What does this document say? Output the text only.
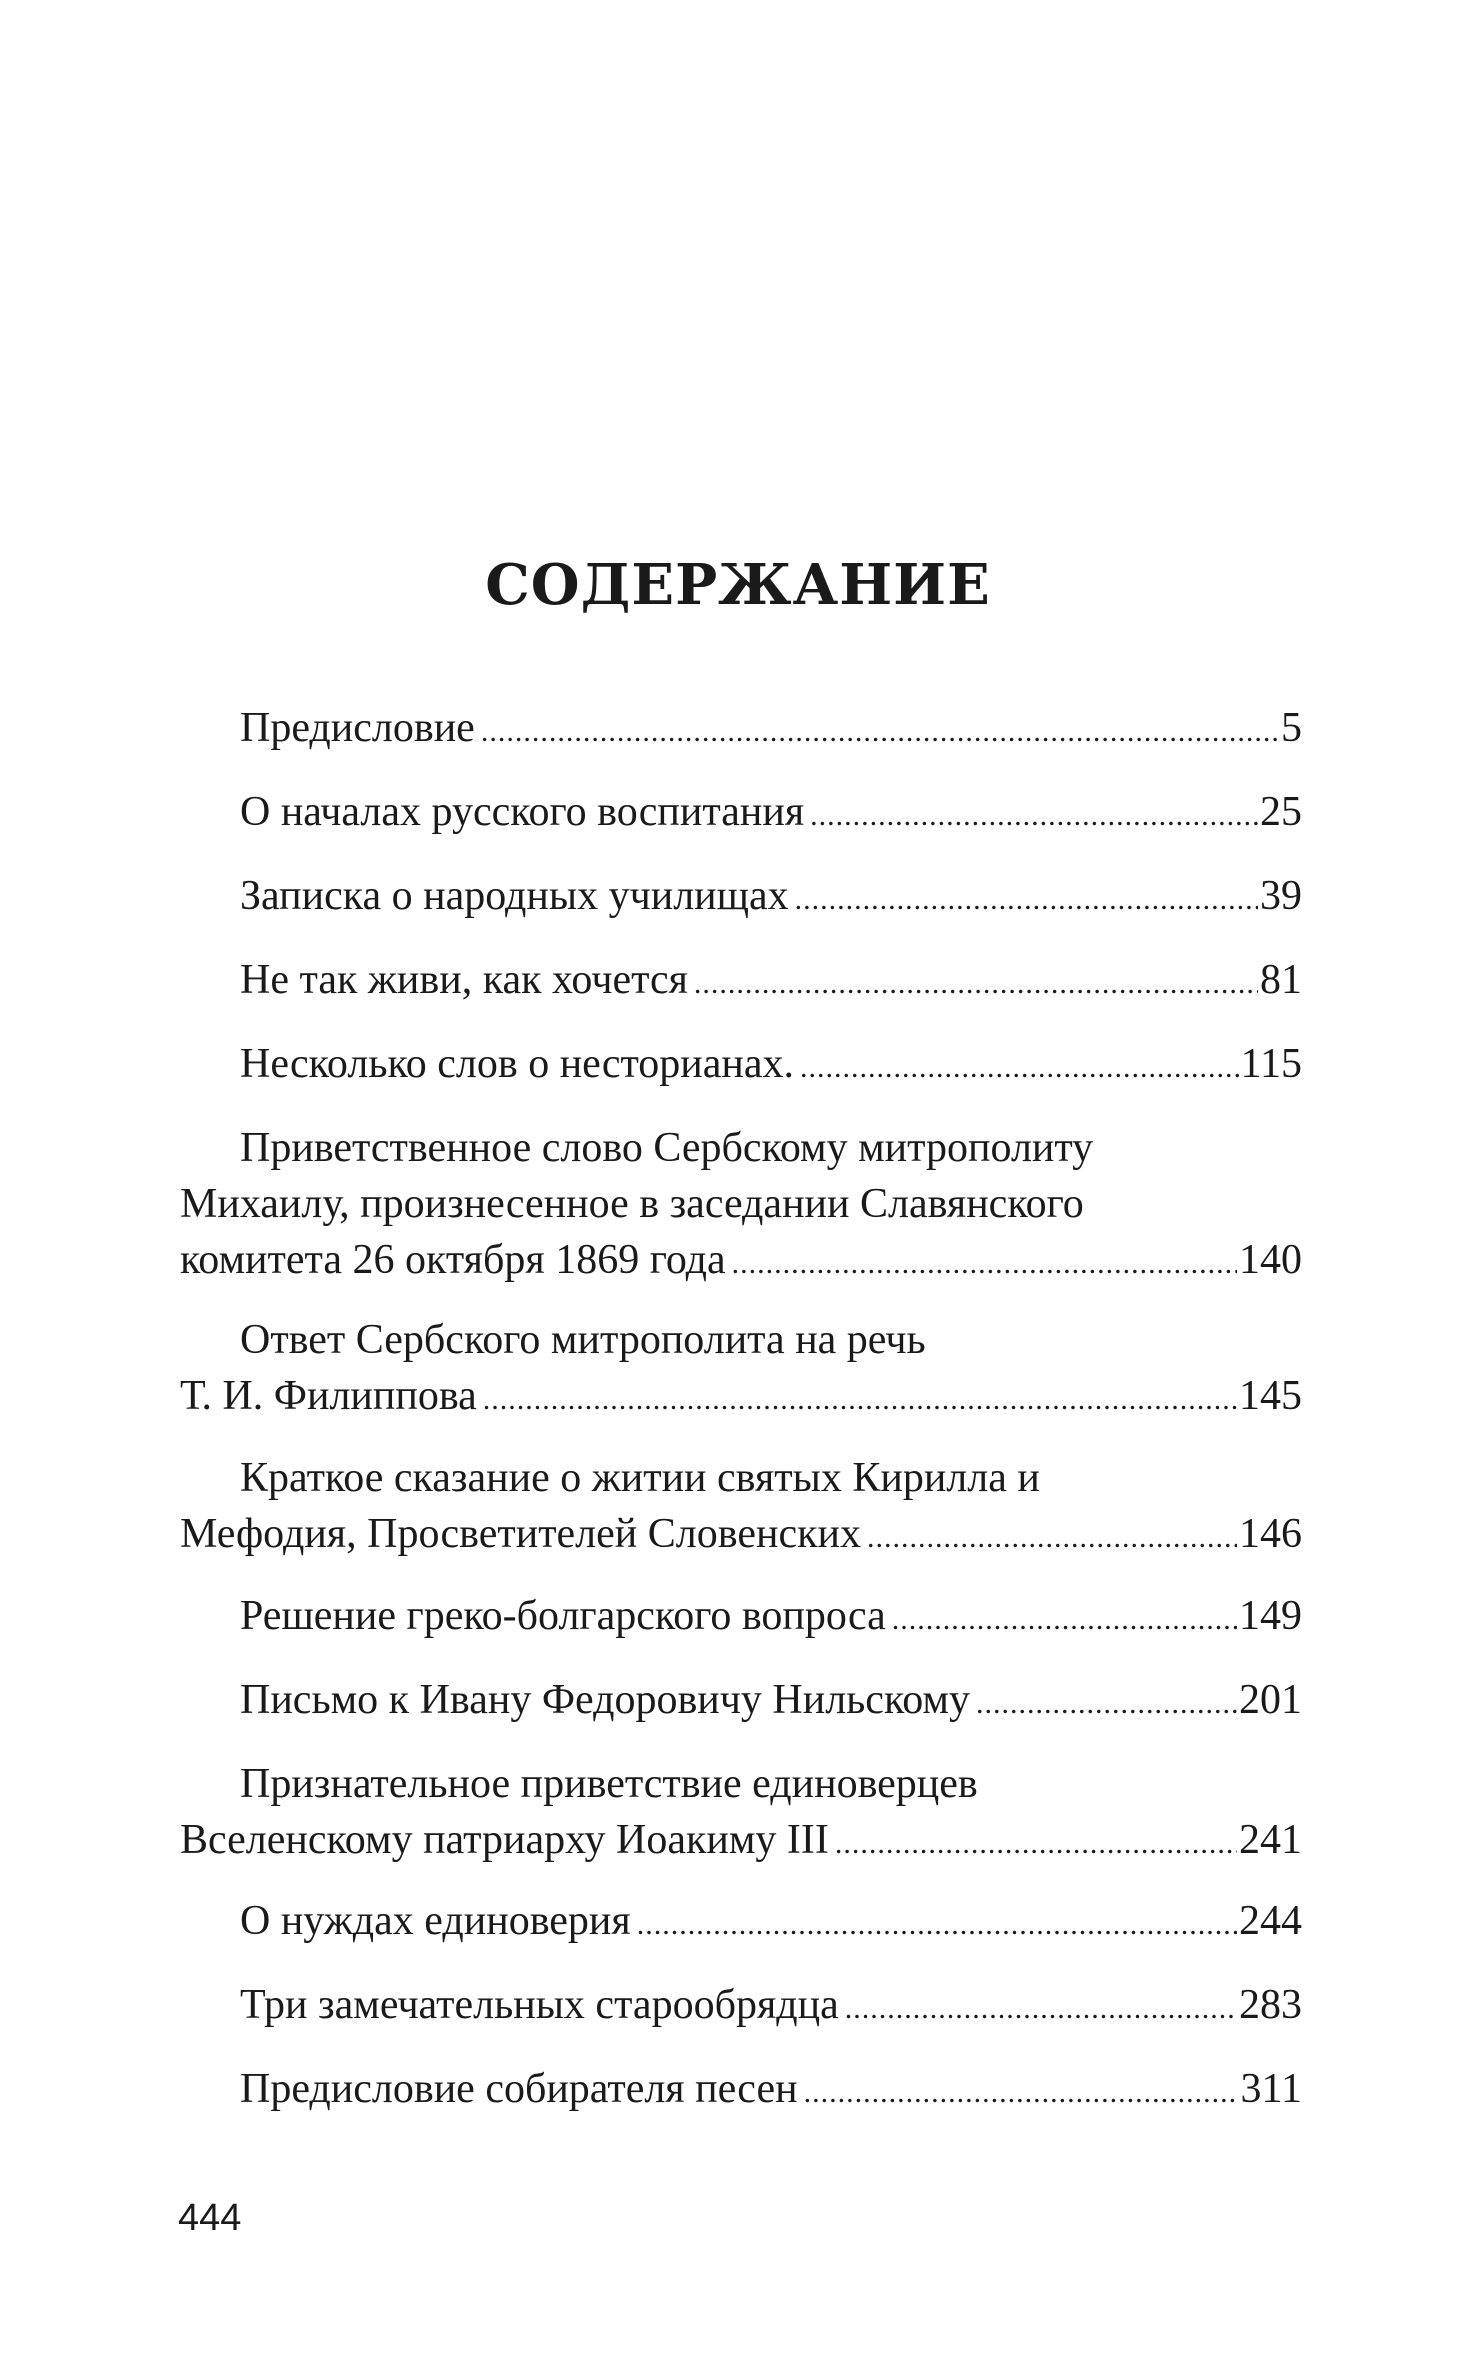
СОДЕРЖАНИЕ
Предисловие .....	5
О началах русского воспитания .....	25
Записка о народных училищах .....	39
Не так живи, как хочется .....	81
Несколько слов о несторианах. .....	115
Приветственное слово Сербскому митрополиту
Михаилу, произнесенное в заседании Славянского
комитета 26 октября 1869 года .....	140
Ответ Сербского митрополита на речь
Т. И. Филиппова .....	145
Краткое сказание о житии святых Кирилла и
Мефодия, Просветителей Словенских .....	146
Решение греко-болгарского вопроса .....	149
Письмо к Ивану Федоровичу Нильскому .....	201
Признательное приветствие единоверцев
Вселенскому патриарху Иоакиму III .....	241
О нуждах единоверия .....	244
Три замечательных старообрядца .....	283
Предисловие собирателя песен .....	311

444
